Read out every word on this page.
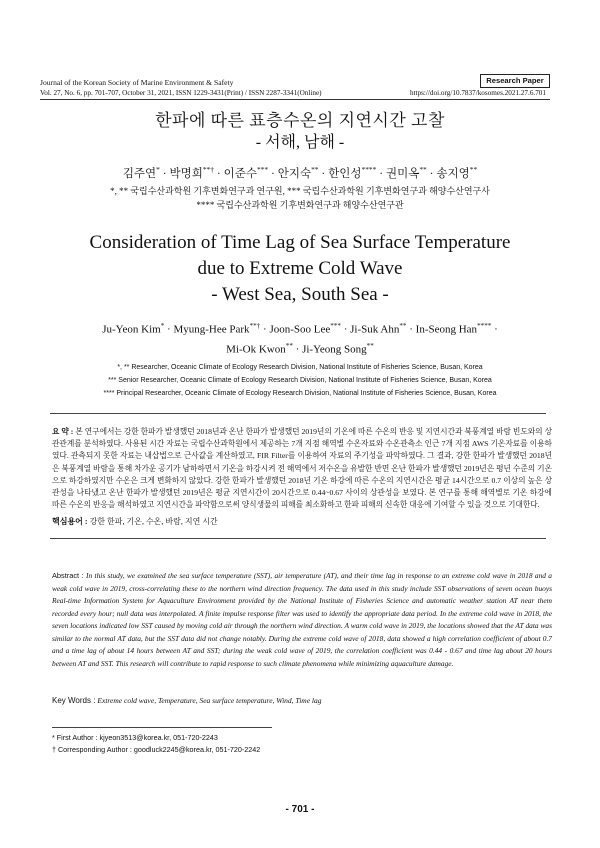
Journal of the Korean Society of Marine Environment & Safety
Vol. 27, No. 6, pp. 701-707, October 31, 2021, ISSN 1229-3431(Print) / ISSN 2287-3341(Online)	https://doi.org/10.7837/kosomes.2021.27.6.701
Research Paper
한파에 따른 표층수온의 지연시간 고찰
- 서해, 남해 -
김주연* · 박명희**† · 이준수*** · 안지숙** · 한인성**** · 권미옥** · 송지영**
*, ** 국립수산과학원 기후변화연구과 연구원, *** 국립수산과학원 기후변화연구과 해양수산연구사
**** 국립수산과학원 기후변화연구과 해양수산연구관
Consideration of Time Lag of Sea Surface Temperature
due to Extreme Cold Wave
- West Sea, South Sea -
Ju-Yeon Kim* · Myung-Hee Park**† · Joon-Soo Lee*** · Ji-Suk Ahn** · In-Seong Han**** ·
Mi-Ok Kwon** · Ji-Yeong Song**
*, ** Researcher, Oceanic Climate of Ecology Research Division, National Institute of Fisheries Science, Busan, Korea
*** Senior Researcher, Oceanic Climate of Ecology Research Division, National Institute of Fisheries Science, Busan, Korea
**** Principal Researcher, Oceanic Climate of Ecology Research Division, National Institute of Fisheries Science, Busan, Korea
요 약 : 본 연구에서는 강한 한파가 발생했던 2018년과 온난 한파가 발생했던 2019년의 기온에 따른 수온의 반응 및 지연시간과 북풍계열 바람 빈도와의 상관관계를 분석하였다. 사용된 시간 자료는 국립수산과학원에서 제공하는 7개 지점 해역별 수온자료와 수온관측소 인근 7개 지점 AWS 기온자료를 이용하였다. 관측되지 못한 자료는 내삽법으로 근사값을 계산하였고, FIR Filter를 이용하여 자료의 주기성을 파악하였다. 그 결과, 강한 한파가 발생했던 2018년은 북풍계열 바람을 통해 차가운 공기가 남하하면서 기온을 하강시켜 전 해역에서 저수온을 유발한 반면 온난 한파가 발생했던 2019년은 평년 수준의 기온으로 하강하였지만 수온은 크게 변화하지 않았다. 강한 한파가 발생했던 2018년 기온 하강에 따른 수온의 지연시간은 평균 14시간으로 0.7 이상의 높은 상관성을 나타냈고 온난 한파가 발생했던 2019년은 평균 지연시간이 20시간으로 0.44~0.67 사이의 상관성을 보였다. 본 연구를 통해 해역별로 기온 하강에 따른 수온의 반응을 해석하였고 지연시간을 파악함으로써 양식생물의 피해를 최소화하고 한파 피해의 신속한 대응에 기여할 수 있을 것으로 기대한다.
핵심용어 : 강한 한파, 기온, 수온, 바람, 지연 시간
Abstract : In this study, we examined the sea surface temperature (SST), air temperature (AT), and their time lag in response to an extreme cold wave in 2018 and a weak cold wave in 2019, cross-correlating these to the northern wind direction frequency. The data used in this study include SST observations of seven ocean buoys Real-time Information System for Aquaculture Environment provided by the National Institute of Fisheries Science and automatic weather station AT near them recorded every hour; null data was interpolated. A finite impulse response filter was used to identify the appropriate data period. In the extreme cold wave in 2018, the seven locations indicated low SST caused by moving cold air through the northern wind direction. A warm cold wave in 2019, the locations showed that the AT data was similar to the normal AT data, but the SST data did not change notably. During the extreme cold wave of 2018, data showed a high correlation coefficient of about 0.7 and a time lag of about 14 hours between AT and SST; during the weak cold wave of 2019, the correlation coefficient was 0.44 - 0.67 and time lag about 20 hours between AT and SST. This research will contribute to rapid response to such climate phenomena while minimizing aquaculture damage.
Key Words : Extreme cold wave, Temperature, Sea surface temperature, Wind, Time lag
* First Author : kjyeon3513@korea.kr, 051-720-2243
† Corresponding Author : goodluck2245@korea.kr, 051-720-2242
- 701 -
